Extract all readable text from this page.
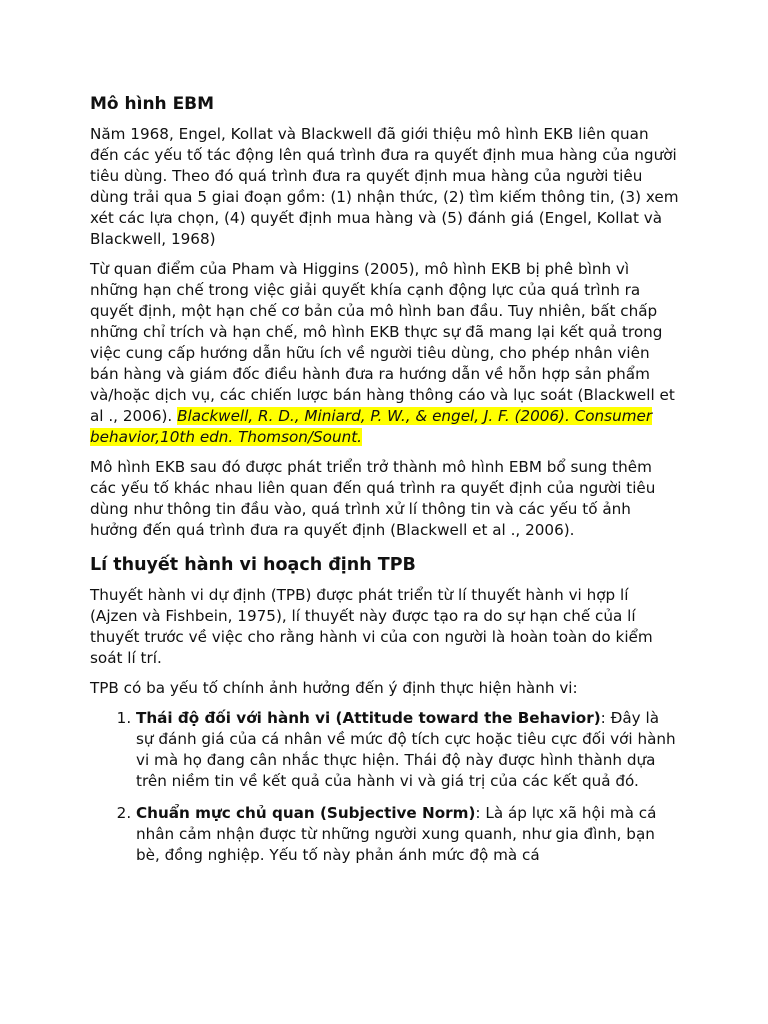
Mô hình EBM

Năm 1968, Engel, Kollat và Blackwell đã giới thiệu mô hình EKB liên quan đến các yếu tố tác động lên quá trình đưa ra quyết định mua hàng của người tiêu dùng. Theo đó quá trình đưa ra quyết định mua hàng của người tiêu dùng trải qua 5 giai đoạn gồm: (1) nhận thức, (2) tìm kiếm thông tin, (3) xem xét các lựa chọn, (4) quyết định mua hàng và (5) đánh giá (Engel, Kollat và Blackwell, 1968)

Từ quan điểm của Pham và Higgins (2005), mô hình EKB bị phê bình vì những hạn chế trong việc giải quyết khía cạnh động lực của quá trình ra quyết định, một hạn chế cơ bản của mô hình ban đầu. Tuy nhiên, bất chấp những chỉ trích và hạn chế, mô hình EKB thực sự đã mang lại kết quả trong việc cung cấp hướng dẫn hữu ích về người tiêu dùng, cho phép nhân viên bán hàng và giám đốc điều hành đưa ra hướng dẫn về hỗn hợp sản phẩm và/hoặc dịch vụ, các chiến lược bán hàng thông cáo và lục soát (Blackwell et al ., 2006). Blackwell, R. D., Miniard, P. W., & engel, J. F. (2006). Consumer behavior,10th edn. Thomson/Sount.

Mô hình EKB sau đó được phát triển trở thành mô hình EBM bổ sung thêm các yếu tố khác nhau liên quan đến quá trình ra quyết định của người tiêu dùng như thông tin đầu vào, quá trình xử lí thông tin và các yếu tố ảnh hưởng đến quá trình đưa ra quyết định (Blackwell et al ., 2006).

Lí thuyết hành vi hoạch định TPB

Thuyết hành vi dự định (TPB) được phát triển từ lí thuyết hành vi hợp lí (Ajzen và Fishbein, 1975), lí thuyết này được tạo ra do sự hạn chế của lí thuyết trước về việc cho rằng hành vi của con người là hoàn toàn do kiểm soát lí trí.

TPB có ba yếu tố chính ảnh hưởng đến ý định thực hiện hành vi:

1. Thái độ đối với hành vi (Attitude toward the Behavior): Đây là sự đánh giá của cá nhân về mức độ tích cực hoặc tiêu cực đối với hành vi mà họ đang cân nhắc thực hiện. Thái độ này được hình thành dựa trên niềm tin về kết quả của hành vi và giá trị của các kết quả đó.
2. Chuẩn mực chủ quan (Subjective Norm): Là áp lực xã hội mà cá nhân cảm nhận được từ những người xung quanh, như gia đình, bạn bè, đồng nghiệp. Yếu tố này phản ánh mức độ mà cá
